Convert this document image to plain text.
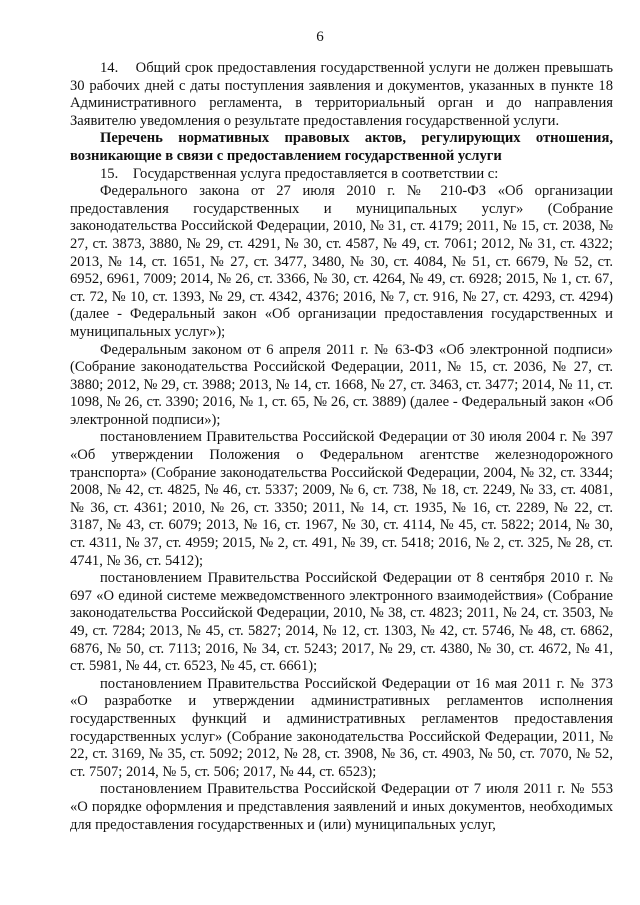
6

14.    Общий срок предоставления государственной услуги не должен превышать 30 рабочих дней с даты поступления заявления и документов, указанных в пункте 18 Административного регламента, в территориальный орган и до направления Заявителю уведомления о результате предоставления государственной услуги.

Перечень нормативных правовых актов, регулирующих отношения, возникающие в связи с предоставлением государственной услуги

15.    Государственная услуга предоставляется в соответствии с:

Федерального закона от 27 июля 2010 г. № 210-ФЗ «Об организации предоставления государственных и муниципальных услуг» (Собрание законодательства Российской Федерации, 2010, № 31, ст. 4179; 2011, № 15, ст. 2038, № 27, ст. 3873, 3880, № 29, ст. 4291, № 30, ст. 4587, № 49, ст. 7061; 2012, № 31, ст. 4322; 2013, № 14, ст. 1651, № 27, ст. 3477, 3480, № 30, ст. 4084, № 51, ст. 6679, № 52, ст. 6952, 6961, 7009; 2014, № 26, ст. 3366, № 30, ст. 4264, № 49, ст. 6928; 2015, № 1, ст. 67, ст. 72, № 10, ст. 1393, № 29, ст. 4342, 4376; 2016, № 7, ст. 916, № 27, ст. 4293, ст. 4294) (далее - Федеральный закон «Об организации предоставления государственных и муниципальных услуг»);

Федеральным законом от 6 апреля 2011 г. № 63-ФЗ «Об электронной подписи» (Собрание законодательства Российской Федерации, 2011, № 15, ст. 2036, № 27, ст. 3880; 2012, № 29, ст. 3988; 2013, № 14, ст. 1668, № 27, ст. 3463, ст. 3477; 2014, № 11, ст. 1098, № 26, ст. 3390; 2016, № 1, ст. 65, № 26, ст. 3889) (далее - Федеральный закон «Об электронной подписи»);

постановлением Правительства Российской Федерации от 30 июля 2004 г. № 397 «Об утверждении Положения о Федеральном агентстве железнодорожного транспорта» (Собрание законодательства Российской Федерации, 2004, № 32, ст. 3344; 2008, № 42, ст. 4825, № 46, ст. 5337; 2009, № 6, ст. 738, № 18, ст. 2249, № 33, ст. 4081, № 36, ст. 4361; 2010, № 26, ст. 3350; 2011, № 14, ст. 1935, № 16, ст. 2289, № 22, ст. 3187, № 43, ст. 6079; 2013, № 16, ст. 1967, № 30, ст. 4114, № 45, ст. 5822; 2014, № 30, ст. 4311, № 37, ст. 4959; 2015, № 2, ст. 491, № 39, ст. 5418; 2016, № 2, ст. 325, № 28, ст. 4741, № 36, ст. 5412);

постановлением Правительства Российской Федерации от 8 сентября 2010 г. № 697 «О единой системе межведомственного электронного взаимодействия» (Собрание законодательства Российской Федерации, 2010, № 38, ст. 4823; 2011, № 24, ст. 3503, № 49, ст. 7284; 2013, № 45, ст. 5827; 2014, № 12, ст. 1303, № 42, ст. 5746, № 48, ст. 6862, 6876, № 50, ст. 7113; 2016, № 34, ст. 5243; 2017, № 29, ст. 4380, № 30, ст. 4672, № 41, ст. 5981, № 44, ст. 6523, № 45, ст. 6661);

постановлением Правительства Российской Федерации от 16 мая 2011 г. № 373 «О разработке и утверждении административных регламентов исполнения государственных функций и административных регламентов предоставления государственных услуг» (Собрание законодательства Российской Федерации, 2011, № 22, ст. 3169, № 35, ст. 5092; 2012, № 28, ст. 3908, № 36, ст. 4903, № 50, ст. 7070, № 52, ст. 7507; 2014, № 5, ст. 506; 2017, № 44, ст. 6523);

постановлением Правительства Российской Федерации от 7 июля 2011 г. № 553 «О порядке оформления и представления заявлений и иных документов, необходимых для предоставления государственных и (или) муниципальных услуг,
